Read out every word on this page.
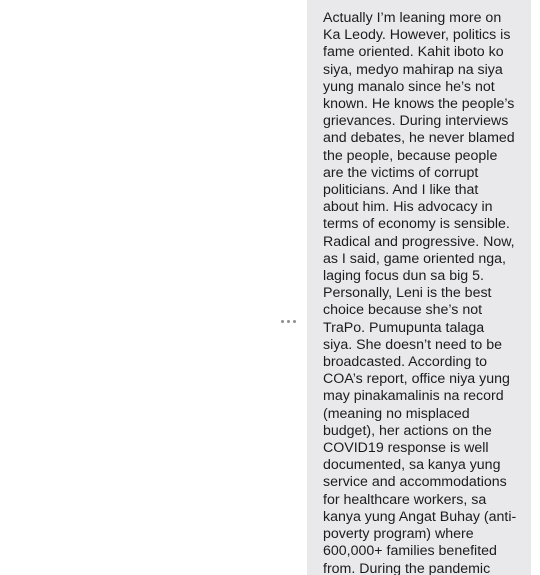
Actually I’m leaning more on Ka Leody. However, politics is fame oriented. Kahit iboto ko siya, medyo mahirap na siya yung manalo since he’s not known. He knows the people’s grievances. During interviews and debates, he never blamed the people, because people are the victims of corrupt politicians. And I like that about him. His advocacy in terms of economy is sensible. Radical and progressive. Now, as I said, game oriented nga, laging focus dun sa big 5. Personally, Leni is the best choice because she’s not TraPo. Pumupunta talaga siya. She doesn’t need to be broadcasted. According to COA’s report, office niya yung may pinakamalinis na record (meaning no misplaced budget), her actions on the COVID19 response is well documented, sa kanya yung service and accommodations for healthcare workers, sa kanya yung Angat Buhay (anti-poverty program) where 600,000+ families benefited from. During the pandemic
